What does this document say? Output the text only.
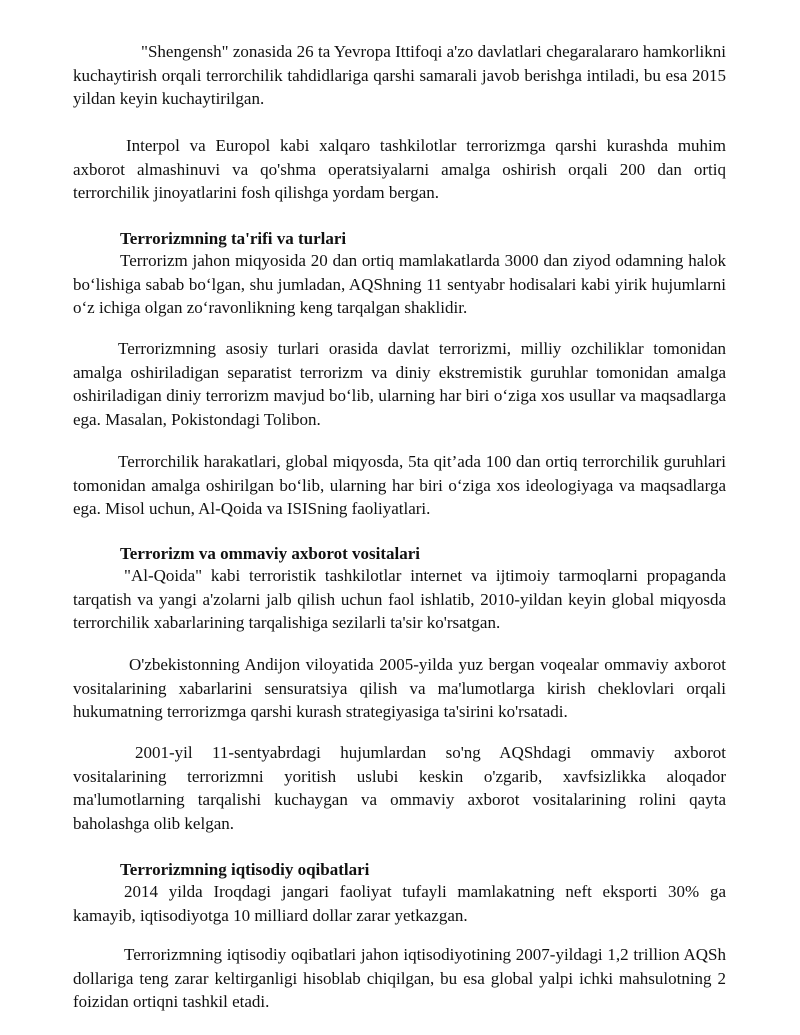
"Shengensh" zonasida 26 ta Yevropa Ittifoqi a'zo davlatlari chegaralararo hamkorlikni kuchaytirish orqali terrorchilik tahdidlariga qarshi samarali javob berishga intiladi, bu esa 2015 yildan keyin kuchaytirilgan.

Interpol va Europol kabi xalqaro tashkilotlar terrorizmga qarshi kurashda muhim axborot almashinuvi va qo'shma operatsiyalarni amalga oshirish orqali 200 dan ortiq terrorchilik jinoyatlarini fosh qilishga yordam bergan.

Terrorizmning ta'rifi va turlari

Terrorizm jahon miqyosida 20 dan ortiq mamlakatlarda 3000 dan ziyod odamning halok bo‘lishiga sabab bo‘lgan, shu jumladan, AQShning 11 sentyabr hodisalari kabi yirik hujumlarni o‘z ichiga olgan zo‘ravonlikning keng tarqalgan shaklidir.

Terrorizmning asosiy turlari orasida davlat terrorizmi, milliy ozchiliklar tomonidan amalga oshiriladigan separatist terrorizm va diniy ekstremistik guruhlar tomonidan amalga oshiriladigan diniy terrorizm mavjud bo‘lib, ularning har biri o‘ziga xos usullar va maqsadlarga ega. Masalan, Pokistondagi Tolibon.

Terrorchilik harakatlari, global miqyosda, 5ta qit’ada 100 dan ortiq terrorchilik guruhlari tomonidan amalga oshirilgan bo‘lib, ularning har biri o‘ziga xos ideologiyaga va maqsadlarga ega. Misol uchun, Al-Qoida va ISISning faoliyatlari.

Terrorizm va ommaviy axborot vositalari

"Al-Qoida" kabi terroristik tashkilotlar internet va ijtimoiy tarmoqlarni propaganda tarqatish va yangi a'zolarni jalb qilish uchun faol ishlatib, 2010-yildan keyin global miqyosda terrorchilik xabarlarining tarqalishiga sezilarli ta'sir ko'rsatgan.

O'zbekistonning Andijon viloyatida 2005-yilda yuz bergan voqealar ommaviy axborot vositalarining xabarlarini sensuratsiya qilish va ma'lumotlarga kirish cheklovlari orqali hukumatning terrorizmga qarshi kurash strategiyasiga ta'sirini ko'rsatadi.

2001-yil 11-sentyabrdagi hujumlardan so'ng AQShdagi ommaviy axborot vositalarining terrorizmni yoritish uslubi keskin o'zgarib, xavfsizlikka aloqador ma'lumotlarning tarqalishi kuchaygan va ommaviy axborot vositalarining rolini qayta baholashga olib kelgan.

Terrorizmning iqtisodiy oqibatlari

2014 yilda Iroqdagi jangari faoliyat tufayli mamlakatning neft eksporti 30% ga kamayib, iqtisodiyotga 10 milliard dollar zarar yetkazgan.

Terrorizmning iqtisodiy oqibatlari jahon iqtisodiyotining 2007-yildagi 1,2 trillion AQSh dollariga teng zarar keltirganligi hisoblab chiqilgan, bu esa global yalpi ichki mahsulotning 2 foizidan ortiqni tashkil etadi.
